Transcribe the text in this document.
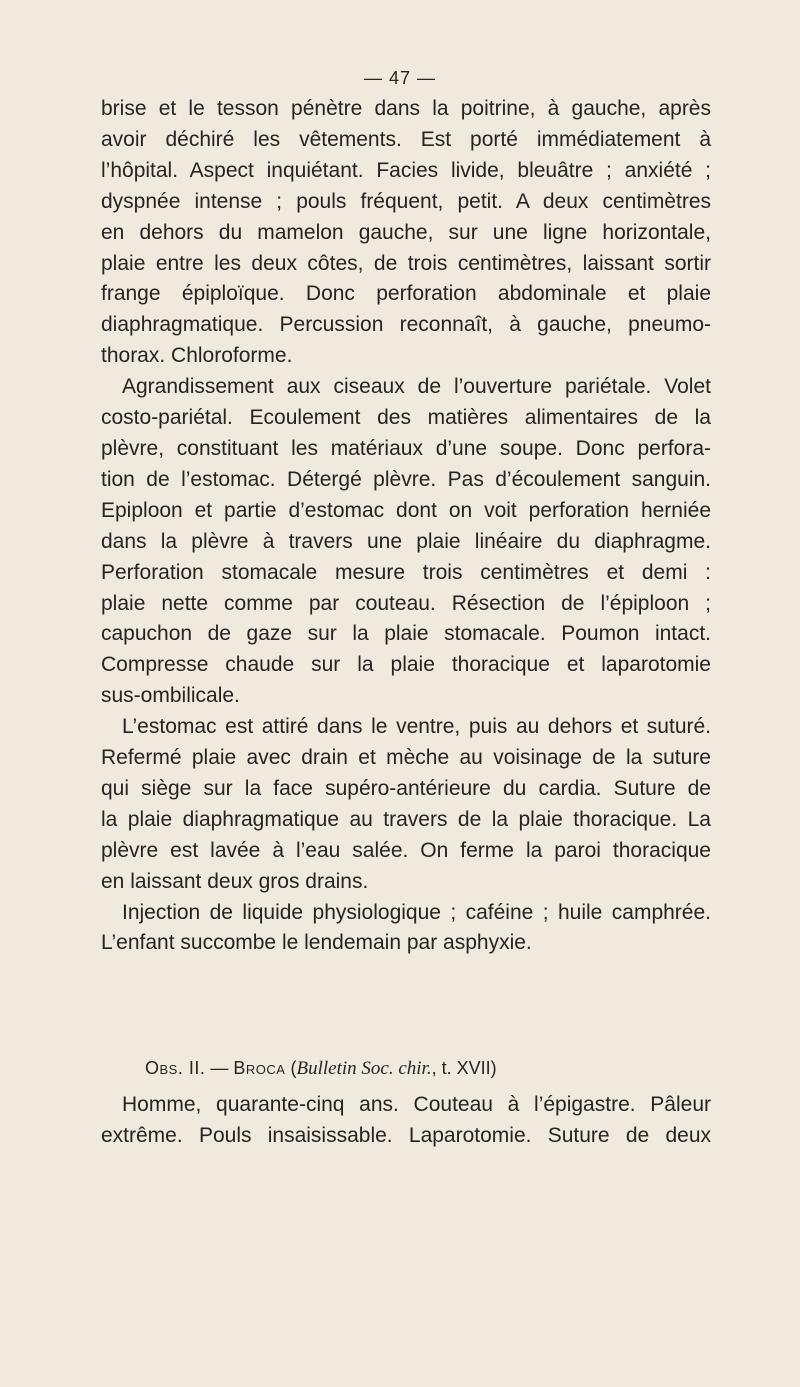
— 47 —
brise et le tesson pénètre dans la poitrine, à gauche, après
avoir déchiré les vêtements. Est porté immédiatement à
l’hôpital. Aspect inquiétant. Facies livide, bleuâtre ; anxiété ;
dyspnée intense ; pouls fréquent, petit. A deux centimètres
en dehors du mamelon gauche, sur une ligne horizontale,
plaie entre les deux côtes, de trois centimètres, laissant sortir
frange épiploïque. Donc perforation abdominale et plaie
diaphragmatique. Percussion reconnaît, à gauche, pneumo-
thorax. Chloroforme.
Agrandissement aux ciseaux de l’ouverture pariétale. Volet
costo-pariétal. Ecoulement des matières alimentaires de la
plèvre, constituant les matériaux d’une soupe. Donc perfora-
tion de l’estomac. Détergé plèvre. Pas d’écoulement sanguin.
Epiploon et partie d’estomac dont on voit perforation herniée
dans la plèvre à travers une plaie linéaire du diaphragme.
Perforation stomacale mesure trois centimètres et demi :
plaie nette comme par couteau. Résection de l’épiploon ;
capuchon de gaze sur la plaie stomacale. Poumon intact.
Compresse chaude sur la plaie thoracique et laparotomie
sus-ombilicale.
L’estomac est attiré dans le ventre, puis au dehors et suturé.
Refermé plaie avec drain et mèche au voisinage de la suture
qui siège sur la face supéro-antérieure du cardia. Suture de
la plaie diaphragmatique au travers de la plaie thoracique. La
plèvre est lavée à l’eau salée. On ferme la paroi thoracique
en laissant deux gros drains.
Injection de liquide physiologique ; caféine ; huile camphrée.
L’enfant succombe le lendemain par asphyxie.
Obs. II. — Broca (Bulletin Soc. chir., t. XVII)
Homme, quarante-cinq ans. Couteau à l’épigastre. Pâleur
extrême. Pouls insaisissable. Laparotomie. Suture de deux
